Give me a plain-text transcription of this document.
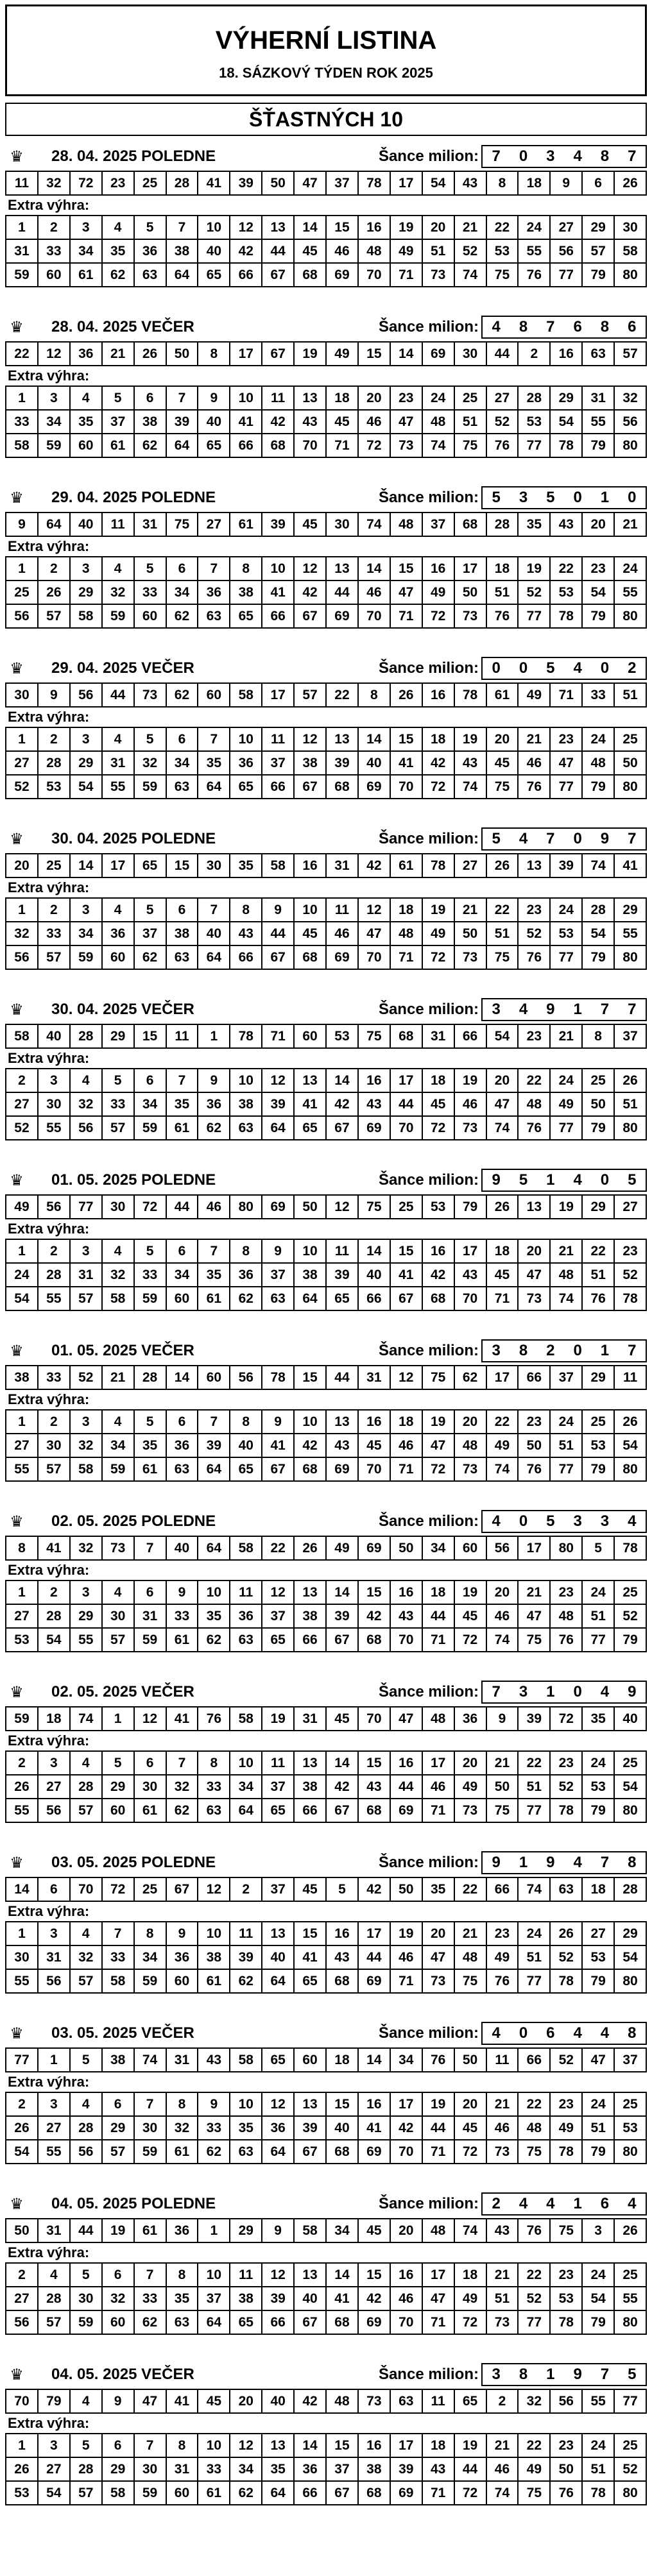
VÝHERNÍ LISTINA
18. SÁZKOVÝ TÝDEN ROK 2025
ŠŤASTNÝCH 10
♛ 28. 04. 2025 POLEDNE	Šance milion: 7	0	3	4	8	7
11	32	72	23	25	28	41	39	50	47	37	78	17	54	43	8	18	9	6	26
Extra výhra:
1	2	3	4	5	7	10	12	13	14	15	16	19	20	21	22	24	27	29	30
31	33	34	35	36	38	40	42	44	45	46	48	49	51	52	53	55	56	57	58
59	60	61	62	63	64	65	66	67	68	69	70	71	73	74	75	76	77	79	80
♛ 28. 04. 2025 VEČER	Šance milion: 4	8	7	6	8	6
22	12	36	21	26	50	8	17	67	19	49	15	14	69	30	44	2	16	63	57
Extra výhra:
1	3	4	5	6	7	9	10	11	13	18	20	23	24	25	27	28	29	31	32
33	34	35	37	38	39	40	41	42	43	45	46	47	48	51	52	53	54	55	56
58	59	60	61	62	64	65	66	68	70	71	72	73	74	75	76	77	78	79	80
♛ 29. 04. 2025 POLEDNE	Šance milion: 5	3	5	0	1	0
9	64	40	11	31	75	27	61	39	45	30	74	48	37	68	28	35	43	20	21
Extra výhra:
1	2	3	4	5	6	7	8	10	12	13	14	15	16	17	18	19	22	23	24
25	26	29	32	33	34	36	38	41	42	44	46	47	49	50	51	52	53	54	55
56	57	58	59	60	62	63	65	66	67	69	70	71	72	73	76	77	78	79	80
♛ 29. 04. 2025 VEČER	Šance milion: 0	0	5	4	0	2
30	9	56	44	73	62	60	58	17	57	22	8	26	16	78	61	49	71	33	51
Extra výhra:
1	2	3	4	5	6	7	10	11	12	13	14	15	18	19	20	21	23	24	25
27	28	29	31	32	34	35	36	37	38	39	40	41	42	43	45	46	47	48	50
52	53	54	55	59	63	64	65	66	67	68	69	70	72	74	75	76	77	79	80
♛ 30. 04. 2025 POLEDNE	Šance milion: 5	4	7	0	9	7
20	25	14	17	65	15	30	35	58	16	31	42	61	78	27	26	13	39	74	41
Extra výhra:
1	2	3	4	5	6	7	8	9	10	11	12	18	19	21	22	23	24	28	29
32	33	34	36	37	38	40	43	44	45	46	47	48	49	50	51	52	53	54	55
56	57	59	60	62	63	64	66	67	68	69	70	71	72	73	75	76	77	79	80
♛ 30. 04. 2025 VEČER	Šance milion: 3	4	9	1	7	7
58	40	28	29	15	11	1	78	71	60	53	75	68	31	66	54	23	21	8	37
Extra výhra:
2	3	4	5	6	7	9	10	12	13	14	16	17	18	19	20	22	24	25	26
27	30	32	33	34	35	36	38	39	41	42	43	44	45	46	47	48	49	50	51
52	55	56	57	59	61	62	63	64	65	67	69	70	72	73	74	76	77	79	80
♛ 01. 05. 2025 POLEDNE	Šance milion: 9	5	1	4	0	5
49	56	77	30	72	44	46	80	69	50	12	75	25	53	79	26	13	19	29	27
Extra výhra:
1	2	3	4	5	6	7	8	9	10	11	14	15	16	17	18	20	21	22	23
24	28	31	32	33	34	35	36	37	38	39	40	41	42	43	45	47	48	51	52
54	55	57	58	59	60	61	62	63	64	65	66	67	68	70	71	73	74	76	78
♛ 01. 05. 2025 VEČER	Šance milion: 3	8	2	0	1	7
38	33	52	21	28	14	60	56	78	15	44	31	12	75	62	17	66	37	29	11
Extra výhra:
1	2	3	4	5	6	7	8	9	10	13	16	18	19	20	22	23	24	25	26
27	30	32	34	35	36	39	40	41	42	43	45	46	47	48	49	50	51	53	54
55	57	58	59	61	63	64	65	67	68	69	70	71	72	73	74	76	77	79	80
♛ 02. 05. 2025 POLEDNE	Šance milion: 4	0	5	3	3	4
8	41	32	73	7	40	64	58	22	26	49	69	50	34	60	56	17	80	5	78
Extra výhra:
1	2	3	4	6	9	10	11	12	13	14	15	16	18	19	20	21	23	24	25
27	28	29	30	31	33	35	36	37	38	39	42	43	44	45	46	47	48	51	52
53	54	55	57	59	61	62	63	65	66	67	68	70	71	72	74	75	76	77	79
♛ 02. 05. 2025 VEČER	Šance milion: 7	3	1	0	4	9
59	18	74	1	12	41	76	58	19	31	45	70	47	48	36	9	39	72	35	40
Extra výhra:
2	3	4	5	6	7	8	10	11	13	14	15	16	17	20	21	22	23	24	25
26	27	28	29	30	32	33	34	37	38	42	43	44	46	49	50	51	52	53	54
55	56	57	60	61	62	63	64	65	66	67	68	69	71	73	75	77	78	79	80
♛ 03. 05. 2025 POLEDNE	Šance milion: 9	1	9	4	7	8
14	6	70	72	25	67	12	2	37	45	5	42	50	35	22	66	74	63	18	28
Extra výhra:
1	3	4	7	8	9	10	11	13	15	16	17	19	20	21	23	24	26	27	29
30	31	32	33	34	36	38	39	40	41	43	44	46	47	48	49	51	52	53	54
55	56	57	58	59	60	61	62	64	65	68	69	71	73	75	76	77	78	79	80
♛ 03. 05. 2025 VEČER	Šance milion: 4	0	6	4	4	8
77	1	5	38	74	31	43	58	65	60	18	14	34	76	50	11	66	52	47	37
Extra výhra:
2	3	4	6	7	8	9	10	12	13	15	16	17	19	20	21	22	23	24	25
26	27	28	29	30	32	33	35	36	39	40	41	42	44	45	46	48	49	51	53
54	55	56	57	59	61	62	63	64	67	68	69	70	71	72	73	75	78	79	80
♛ 04. 05. 2025 POLEDNE	Šance milion: 2	4	4	1	6	4
50	31	44	19	61	36	1	29	9	58	34	45	20	48	74	43	76	75	3	26
Extra výhra:
2	4	5	6	7	8	10	11	12	13	14	15	16	17	18	21	22	23	24	25
27	28	30	32	33	35	37	38	39	40	41	42	46	47	49	51	52	53	54	55
56	57	59	60	62	63	64	65	66	67	68	69	70	71	72	73	77	78	79	80
♛ 04. 05. 2025 VEČER	Šance milion: 3	8	1	9	7	5
70	79	4	9	47	41	45	20	40	42	48	73	63	11	65	2	32	56	55	77
Extra výhra:
1	3	5	6	7	8	10	12	13	14	15	16	17	18	19	21	22	23	24	25
26	27	28	29	30	31	33	34	35	36	37	38	39	43	44	46	49	50	51	52
53	54	57	58	59	60	61	62	64	66	67	68	69	71	72	74	75	76	78	80
